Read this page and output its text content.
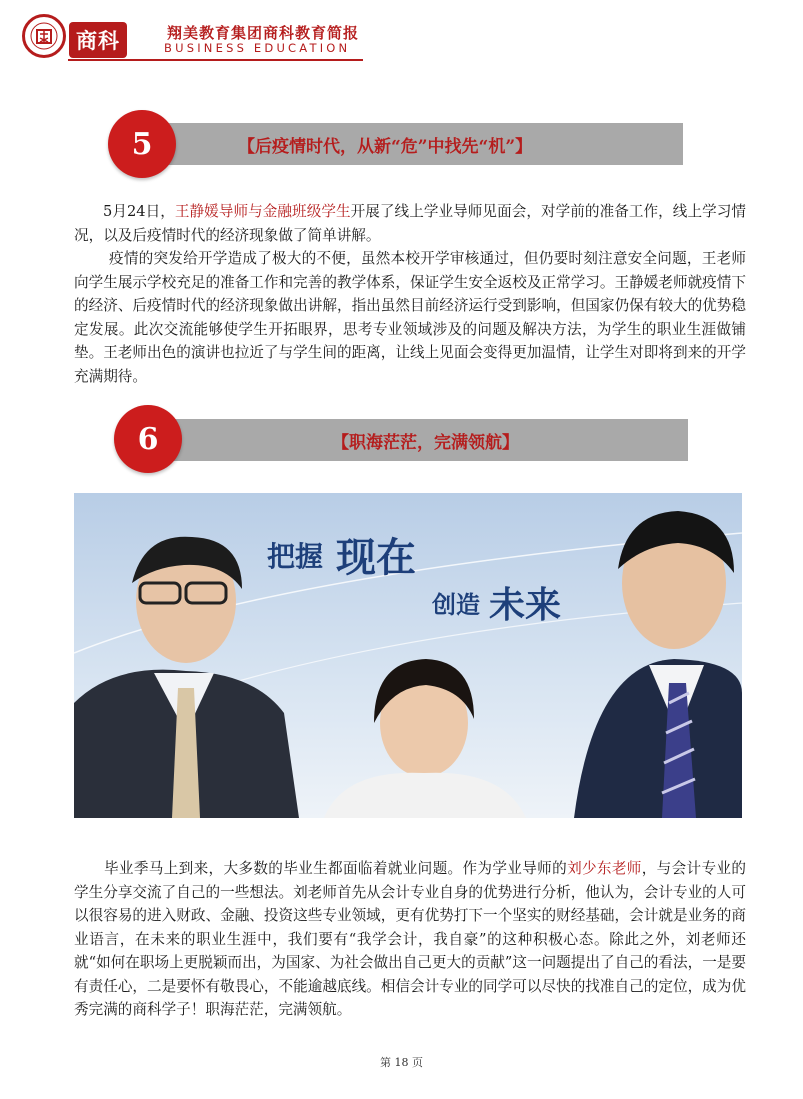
商科	翔美教育集团商科教育简报
BUSINESS EDUCATION
【后疫情时代，从新“危”中找先“机”】
5

5月24日，王静媛导师与金融班级学生开展了线上学业导师见面会，对学前的准备工作，线上学习情况，以及后疫情时代的经济现象做了简单讲解。

疫情的突发给开学造成了极大的不便，虽然本校开学审核通过，但仍要时刻注意安全问题，王老师向学生展示学校充足的准备工作和完善的教学体系，保证学生安全返校及正常学习。王静媛老师就疫情下的经济、后疫情时代的经济现象做出讲解，指出虽然目前经济运行受到影响，但国家仍保有较大的优势稳定发展。此次交流能够使学生开拓眼界，思考专业领域涉及的问题及解决方法，为学生的职业生涯做铺垫。王老师出色的演讲也拉近了与学生间的距离，让线上见面会变得更加温情，让学生对即将到来的开学充满期待。

【职海茫茫，完满领航】
6
把握 现在
创造 未来

毕业季马上到来，大多数的毕业生都面临着就业问题。作为学业导师的刘少东老师，与会计专业的学生分享交流了自己的一些想法。刘老师首先从会计专业自身的优势进行分析，他认为，会计专业的人可以很容易的进入财政、金融、投资这些专业领域，更有优势打下一个坚实的财经基础，会计就是业务的商业语言，在未来的职业生涯中，我们要有“我学会计，我自豪”的这种积极心态。除此之外，刘老师还就“如何在职场上更脱颖而出，为国家、为社会做出自己更大的贡献”这一问题提出了自己的看法，一是要有责任心，二是要怀有敬畏心，不能逾越底线。相信会计专业的同学可以尽快的找准自己的定位，成为优秀完满的商科学子！职海茫茫，完满领航。

第 18 页
